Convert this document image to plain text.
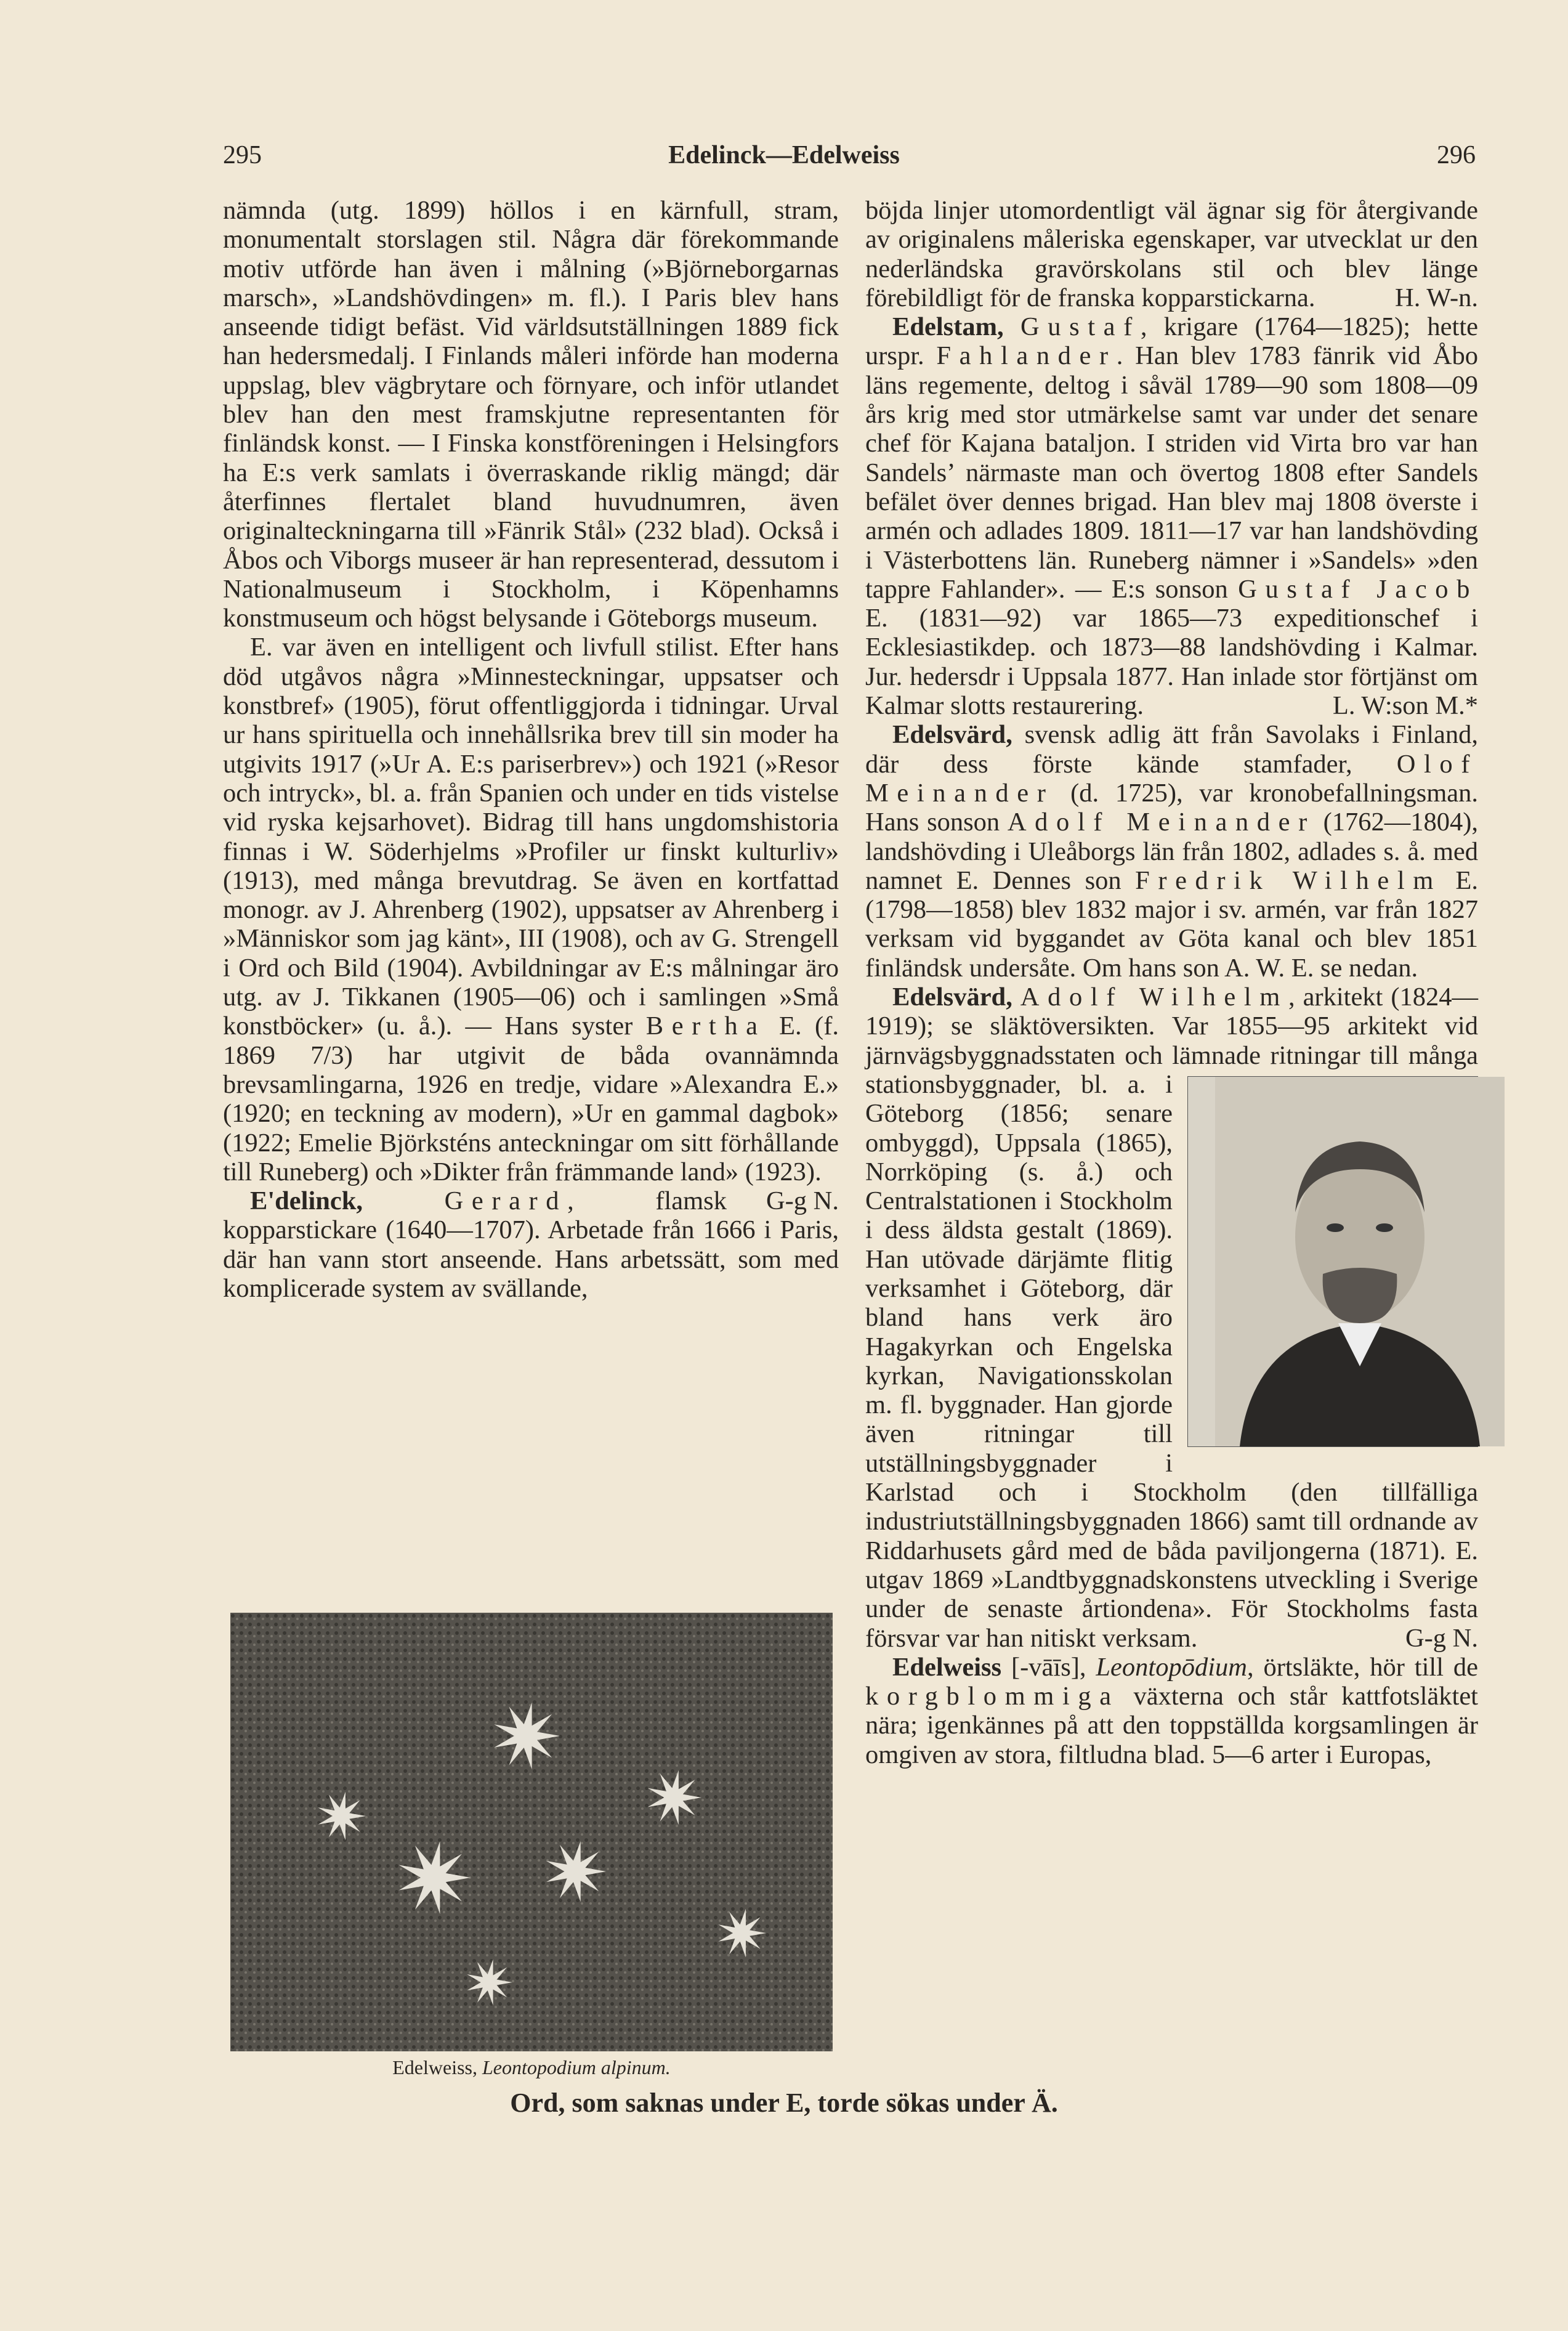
295	Edelinck—Edelweiss	296

nämnda (utg. 1899) höllos i en kärnfull, stram, monumentalt storslagen stil. Några där förekommande motiv utförde han även i målning (»Björneborgarnas marsch», »Landshövdingen» m. fl.). I Paris blev hans anseende tidigt befäst. Vid världsutställningen 1889 fick han hedersmedalj. I Finlands måleri införde han moderna uppslag, blev vägbrytare och förnyare, och inför utlandet blev han den mest framskjutne representanten för finländsk konst. — I Finska konstföreningen i Helsingfors ha E:s verk samlats i överraskande riklig mängd; där återfinnes flertalet bland huvudnumren, även originalteckningarna till »Fänrik Stål» (232 blad). Också i Åbos och Viborgs museer är han representerad, dessutom i Nationalmuseum i Stockholm, i Köpenhamns konstmuseum och högst belysande i Göteborgs museum.

E. var även en intelligent och livfull stilist. Efter hans död utgåvos några »Minnesteckningar, uppsatser och konstbref» (1905), förut offentliggjorda i tidningar. Urval ur hans spirituella och innehållsrika brev till sin moder ha utgivits 1917 (»Ur A. E:s pariserbrev») och 1921 (»Resor och intryck», bl. a. från Spanien och under en tids vistelse vid ryska kejsarhovet). Bidrag till hans ungdomshistoria finnas i W. Söderhjelms »Profiler ur finskt kulturliv» (1913), med många brevutdrag. Se även en kortfattad monogr. av J. Ahrenberg (1902), uppsatser av Ahrenberg i »Människor som jag känt», III (1908), och av G. Strengell i Ord och Bild (1904). Avbildningar av E:s målningar äro utg. av J. Tikkanen (1905—06) och i samlingen »Små konstböcker» (u. å.). — Hans syster Bertha E. (f. 1869 7/3) har utgivit de båda ovannämnda brevsamlingarna, 1926 en tredje, vidare »Alexandra E.» (1920; en teckning av modern), »Ur en gammal dagbok» (1922; Emelie Björksténs anteckningar om sitt förhållande till Runeberg) och »Dikter från främmande land» (1923).
G-g N.

E'delinck,	Gerard, flamsk kopparstickare (1640—1707). Arbetade från 1666 i Paris, där han vann stort anseende. Hans arbetssätt, som med komplicerade system av svällande,

böjda linjer utomordentligt väl ägnar sig för återgivande av originalens måleriska egenskaper, var utvecklat ur den nederländska gravörskolans stil och blev länge förebildligt för de franska kopparstickarna.	H. W-n.

Edelstam, Gustaf, krigare (1764—1825); hette urspr. Fahlander. Han blev 1783 fänrik vid Åbo läns regemente, deltog i såväl 1789—90 som 1808—09 års krig med stor utmärkelse samt var under det senare chef för Kajana bataljon. I striden vid Virta bro var han Sandels’ närmaste man och övertog 1808 efter Sandels befälet över dennes brigad. Han blev maj 1808 överste i armén och adlades 1809. 1811—17 var han landshövding i Västerbottens län. Runeberg nämner i »Sandels» »den tappre Fahlander». — E:s sonson Gustaf Jacob E. (1831—92) var 1865—73 expeditionschef i Ecklesiastikdep. och 1873—88 landshövding i Kalmar. Jur. hedersdr i Uppsala 1877. Han inlade stor förtjänst om Kalmar slotts restaurering.	L. W:son M.*

Edelsvärd, svensk adlig ätt från Savolaks i Finland, där dess förste kände stamfader, Olof Meinander (d. 1725), var kronobefallningsman. Hans sonson Adolf Meinander (1762—1804), landshövding i Uleåborgs län från 1802, adlades s. å. med namnet E. Dennes son Fredrik Wilhelm E. (1798—1858) blev 1832 major i sv. armén, var från 1827 verksam vid byggandet av Göta kanal och blev 1851 finländsk undersåte. Om hans son A. W. E. se nedan.

Edelsvärd, Adolf Wilhelm, arkitekt (1824—1919); se släktöversikten. Var 1855—95 arkitekt vid järnvägsbyggnadsstaten och lämnade ritningar till många stationsbyggnader,
bl. a. i Göteborg (1856; senare ombyggd), Uppsala (1865), Norrköping (s. å.) och Centralstationen i Stockholm i dess äldsta gestalt (1869). Han utövade därjämte flitig verksamhet i Göteborg, där bland hans verk äro Hagakyrkan och Engelska kyrkan, Navigationsskolan m. fl. byggnader. Han gjorde även ritningar till utställningsbyggnader i Karlstad och i Stockholm (den tillfälliga industriutställningsbyggnaden 1866) samt till ordnande av Riddarhusets gård med de båda paviljongerna (1871). E. utgav 1869 »Landtbyggnadskonstens utveckling i Sverige under de senaste årtiondena». För Stockholms fasta försvar var han nitiskt verksam.	G-g N.

Edelweiss [-vāīs], Leontopōdium, örtsläkte, hör till de korgblommiga växterna och står kattfotsläktet nära; igenkännes på att den toppställda korgsamlingen är omgiven av stora, filtludna blad. 5—6 arter i Europas,

Edelweiss, Leontopodium alpinum.
Ord, som saknas under E, torde sökas under Ä.
